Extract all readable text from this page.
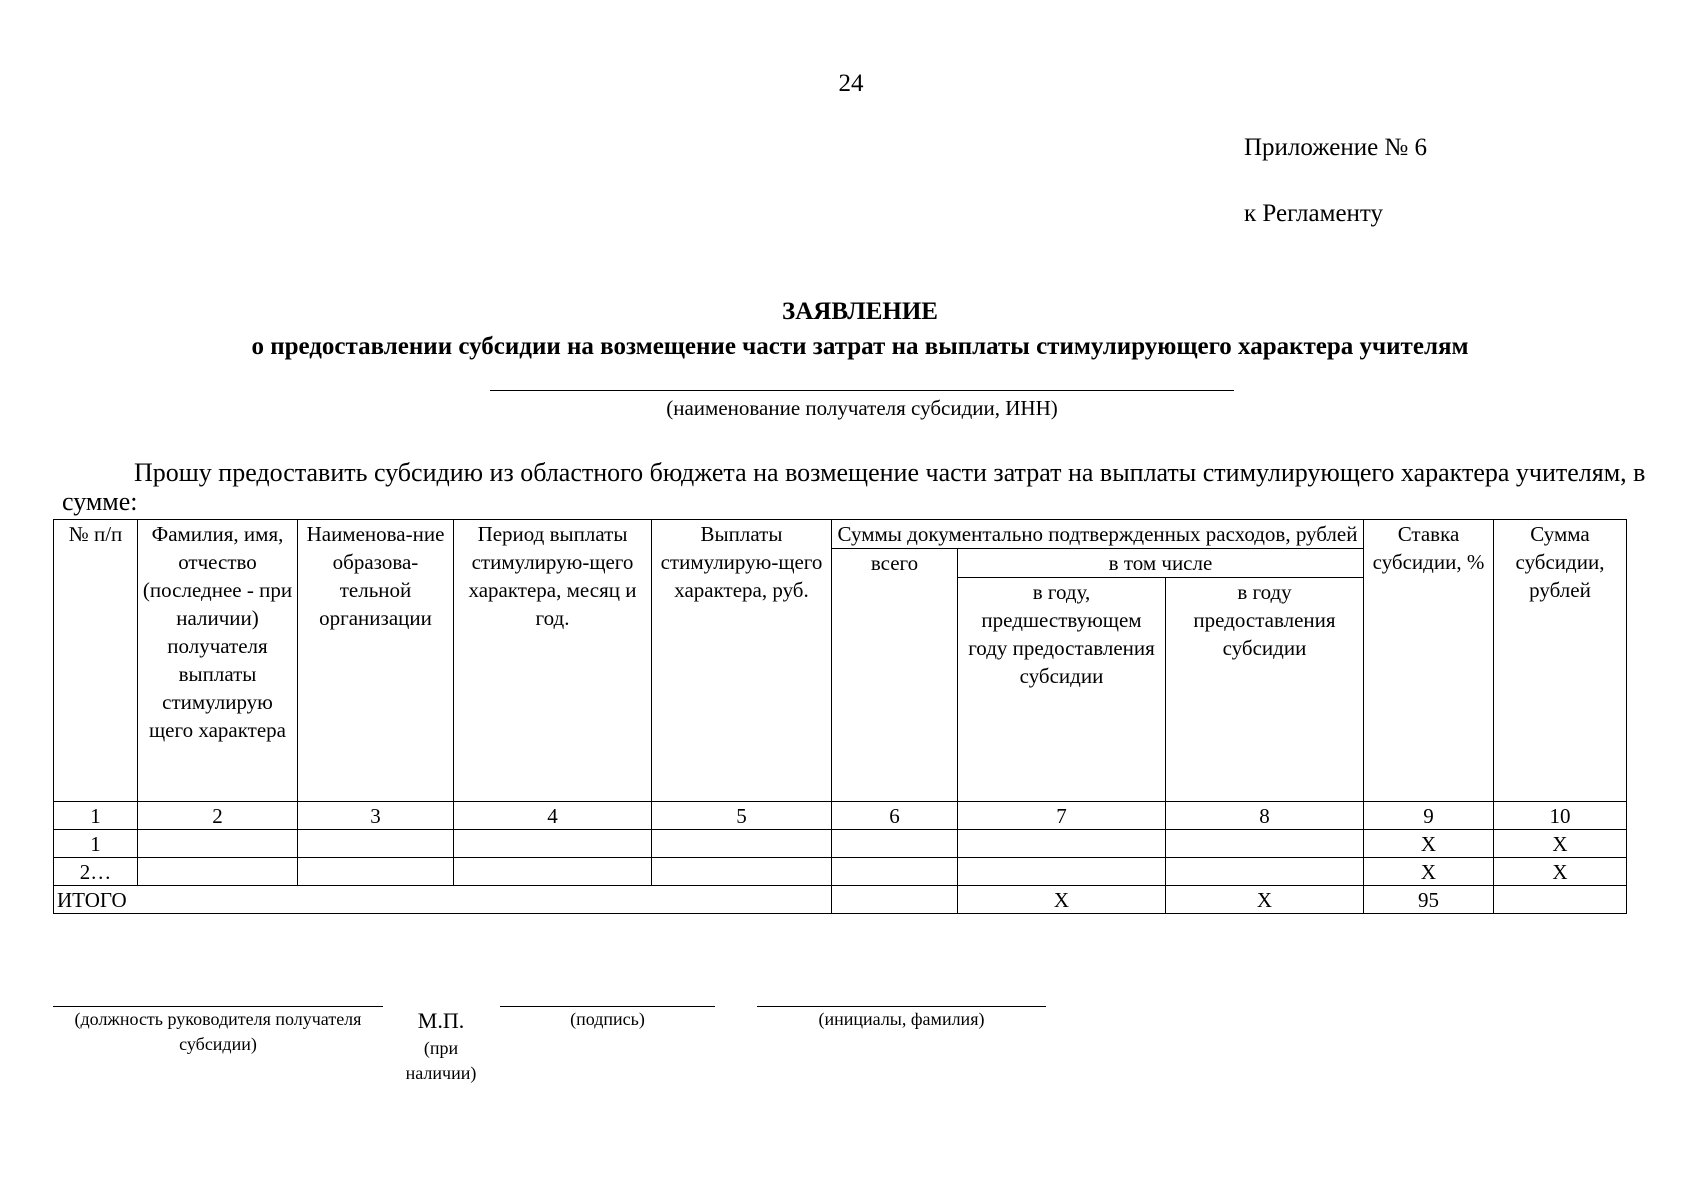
24
Приложение № 6
к Регламенту
ЗАЯВЛЕНИЕ
о предоставлении субсидии на возмещение части затрат на выплаты стимулирующего характера учителям
(наименование получателя субсидии, ИНН)
Прошу предоставить субсидию из областного бюджета на возмещение части затрат на выплаты стимулирующего характера учителям, в сумме:
№ п/п	Фамилия, имя, отчество (последнее - при наличии) получателя выплаты стимулирую щего характера	Наименова-ние образова-тельной организации	Период выплаты стимулирую-щего характера, месяц и год.	Выплаты стимулирую-щего характера, руб.	Суммы документально подтвержденных расходов, рублей			Ставка субсидии, %	Сумма субсидии, рублей
					всего	в том числе			
						в году, предшествующем году предоставления субсидии	в году предоставления субсидии		
1	2	3	4	5	6	7	8	9	10
1								X	X
2…								X	X
ИТОГО						X	X	95	
(должность руководителя получателя субсидии)
М.П.
(при наличии)
(подпись)	(инициалы, фамилия)
